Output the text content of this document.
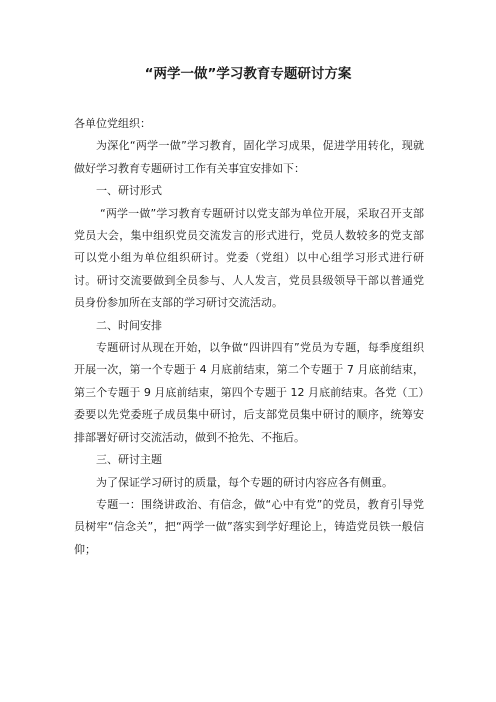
“两学一做”学习教育专题研讨方案

各单位党组织：

为深化“两学一做”学习教育，固化学习成果，促进学用转化，现就做好学习教育专题研讨工作有关事宜安排如下：

一、研讨形式

“两学一做”学习教育专题研讨以党支部为单位开展，采取召开支部党员大会，集中组织党员交流发言的形式进行，党员人数较多的党支部可以党小组为单位组织研讨。党委（党组）以中心组学习形式进行研讨。研讨交流要做到全员参与、人人发言，党员县级领导干部以普通党员身份参加所在支部的学习研讨交流活动。

二、时间安排

专题研讨从现在开始，以争做“四讲四有”党员为专题，每季度组织开展一次，第一个专题于 4 月底前结束，第二个专题于 7 月底前结束，第三个专题于 9 月底前结束，第四个专题于 12 月底前结束。各党（工）委要以先党委班子成员集中研讨，后支部党员集中研讨的顺序，统筹安排部署好研讨交流活动，做到不抢先、不拖后。

三、研讨主题

为了保证学习研讨的质量，每个专题的研讨内容应各有侧重。

专题一：围绕讲政治、有信念，做“心中有党”的党员，教育引导党员树牢“信念关”，把“两学一做”落实到学好理论上，铸造党员铁一般信仰；
